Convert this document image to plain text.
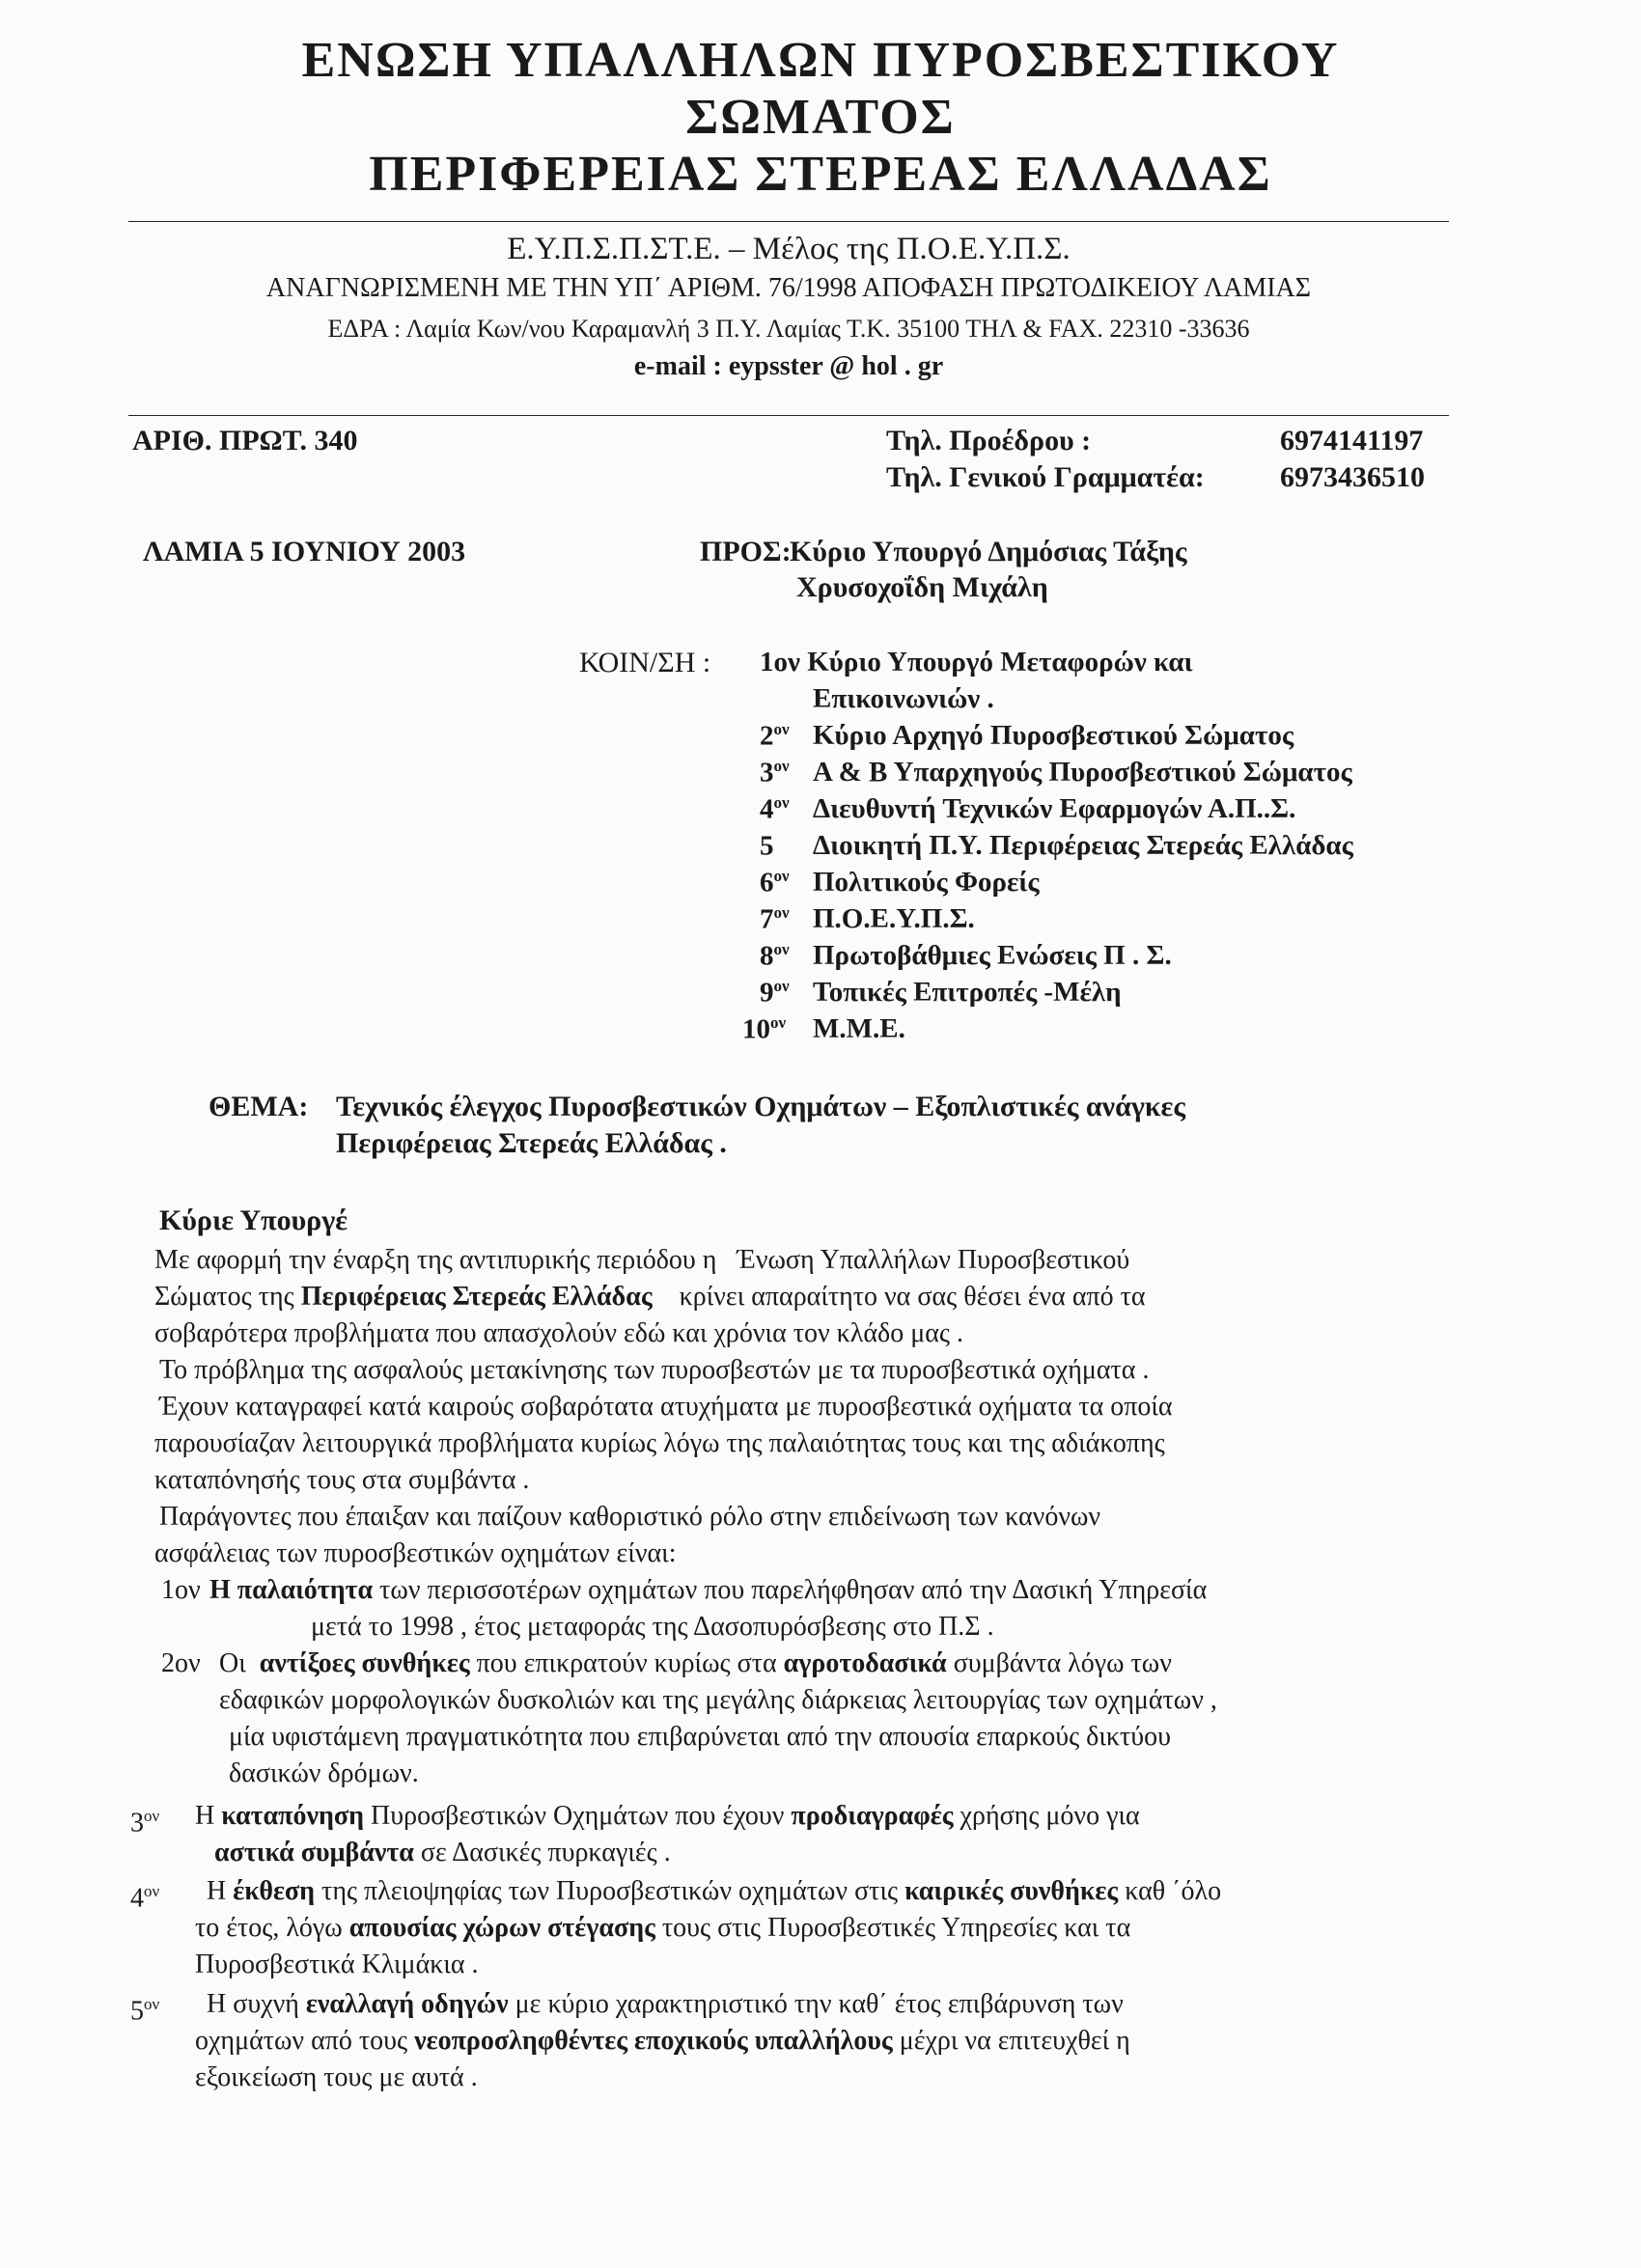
ΕΝΩΣΗ ΥΠΑΛΛΗΛΩΝ ΠΥΡΟΣΒΕΣΤΙΚΟΥ
ΣΩΜΑΤΟΣ
ΠΕΡΙΦΕΡΕΙΑΣ ΣΤΕΡΕΑΣ ΕΛΛΑΔΑΣ
Ε.Υ.Π.Σ.Π.ΣΤ.Ε. – Μέλος της Π.Ο.Ε.Υ.Π.Σ.
ΑΝΑΓΝΩΡΙΣΜΕΝΗ ΜΕ ΤΗΝ ΥΠ΄ ΑΡΙΘΜ. 76/1998 ΑΠΟΦΑΣΗ ΠΡΩΤΟΔΙΚΕΙΟΥ ΛΑΜΙΑΣ
ΕΔΡΑ : Λαμία Κων/νου Καραμανλή 3 Π.Υ. Λαμίας Τ.Κ. 35100 ΤΗΛ & FAX. 22310 -33636
e-mail : eypsster @ hol . gr
ΑΡΙΘ. ΠΡΩΤ. 340	Τηλ. Προέδρου :	6974141197
Τηλ. Γενικού Γραμματέα:	6973436510
ΛΑΜΙΑ 5 ΙΟΥΝΙΟΥ 2003	ΠΡΟΣ:
Κύριο Υπουργό Δημόσιας Τάξης
Χρυσοχοΐδη Μιχάλη
ΚΟΙΝ/ΣΗ : 1ον Κύριο Υπουργό Μεταφορών και
Επικοινωνιών .
$2^{o\nu}$ Κύριο Αρχηγό Πυροσβεστικού Σώματος
$3^{o\nu}$ Α & Β Υπαρχηγούς Πυροσβεστικού Σώματος
$4^{o\nu}$ Διευθυντή Τεχνικών Εφαρμογών Α.Π..Σ.
5 Διοικητή Π.Υ. Περιφέρειας Στερεάς Ελλάδας
$6^{o\nu}$ Πολιτικούς Φορείς
$7^{o\nu}$ Π.Ο.Ε.Υ.Π.Σ.
$8^{o\nu}$ Πρωτοβάθμιες Ενώσεις Π . Σ.
$9^{o\nu}$ Τοπικές Επιτροπές -Μέλη
$10^{o\nu}$ Μ.Μ.Ε.
ΘΕΜΑ: Τεχνικός έλεγχος Πυροσβεστικών Οχημάτων – Εξοπλιστικές ανάγκες
Περιφέρειας Στερεάς Ελλάδας .
Κύριε Υπουργέ

Με αφορμή την έναρξη της αντιπυρικής περιόδου η Ένωση Υπαλλήλων Πυροσβεστικού

Σώματος της Περιφέρειας Στερεάς Ελλάδας κρίνει απαραίτητο να σας θέσει ένα από τα

σοβαρότερα προβλήματα που απασχολούν εδώ και χρόνια τον κλάδο μας .

Το πρόβλημα της ασφαλούς μετακίνησης των πυροσβεστών με τα πυροσβεστικά οχήματα .

Έχουν καταγραφεί κατά καιρούς σοβαρότατα ατυχήματα με πυροσβεστικά οχήματα τα οποία

παρουσίαζαν λειτουργικά προβλήματα κυρίως λόγω της παλαιότητας τους και της αδιάκοπης

καταπόνησής τους στα συμβάντα .

Παράγοντες που έπαιξαν και παίζουν καθοριστικό ρόλο στην επιδείνωση των κανόνων

ασφάλειας των πυροσβεστικών οχημάτων είναι:

1ον Η παλαιότητα των περισσοτέρων οχημάτων που παρελήφθησαν από την Δασική Υπηρεσία
μετά το 1998 , έτος μεταφοράς της Δασοπυρόσβεσης στο Π.Σ .
2ον Οι αντίξοες συνθήκες που επικρατούν κυρίως στα αγροτοδασικά συμβάντα λόγω των
εδαφικών μορφολογικών δυσκολιών και της μεγάλης διάρκειας λειτουργίας των οχημάτων ,
μία υφιστάμενη πραγματικότητα που επιβαρύνεται από την απουσία επαρκούς δικτύου
δασικών δρόμων.
$3^{o\nu}$ Η καταπόνηση Πυροσβεστικών Οχημάτων που έχουν προδιαγραφές χρήσης μόνο για
αστικά συμβάντα σε Δασικές πυρκαγιές .
$4^{o\nu}$	Η έκθεση της πλειοψηφίας των Πυροσβεστικών οχημάτων στις καιρικές συνθήκες καθ ΄όλο
το έτος, λόγω απουσίας χώρων στέγασης τους στις Πυροσβεστικές Υπηρεσίες και τα
Πυροσβεστικά Κλιμάκια .
$5^{o\nu}$	Η συχνή εναλλαγή οδηγών με κύριο χαρακτηριστικό την καθ΄ έτος επιβάρυνση των
οχημάτων από τους νεοπροσληφθέντες εποχικούς υπαλλήλους μέχρι να επιτευχθεί η
εξοικείωση τους με αυτά .
